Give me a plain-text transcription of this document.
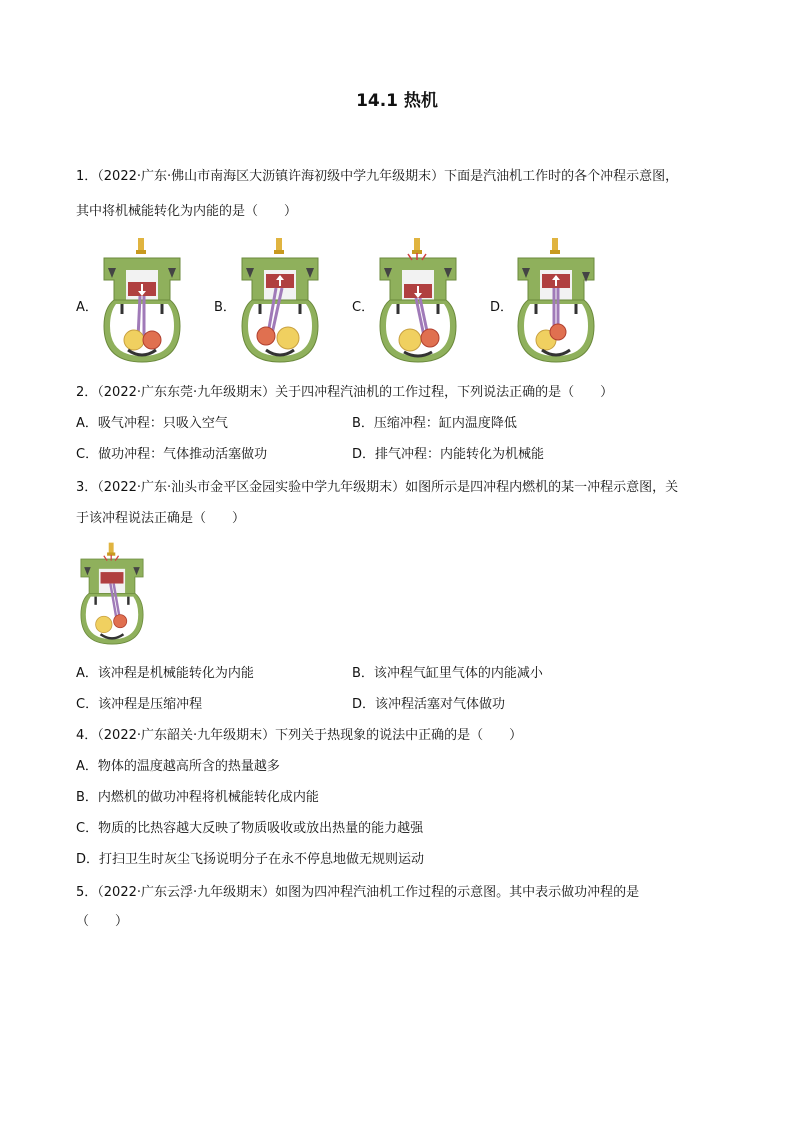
14.1 热机
1．（2022·广东·佛山市南海区大沥镇许海初级中学九年级期末）下面是汽油机工作时的各个冲程示意图，
其中将机械能转化为内能的是（　　）
A．	B．	C．	D．
2．（2022·广东东莞·九年级期末）关于四冲程汽油机的工作过程，下列说法正确的是（　　）
A．吸气冲程：只吸入空气	B．压缩冲程：缸内温度降低
C．做功冲程：气体推动活塞做功	D．排气冲程：内能转化为机械能
3．（2022·广东·汕头市金平区金园实验中学九年级期末）如图所示是四冲程内燃机的某一冲程示意图，关
于该冲程说法正确是（　　）
A．该冲程是机械能转化为内能	B．该冲程气缸里气体的内能减小
C．该冲程是压缩冲程	D．该冲程活塞对气体做功
4．（2022·广东韶关·九年级期末）下列关于热现象的说法中正确的是（　　）
A．物体的温度越高所含的热量越多
B．内燃机的做功冲程将机械能转化成内能
C．物质的比热容越大反映了物质吸收或放出热量的能力越强
D．打扫卫生时灰尘飞扬说明分子在永不停息地做无规则运动
5．（2022·广东云浮·九年级期末）如图为四冲程汽油机工作过程的示意图。其中表示做功冲程的是
（　　）
